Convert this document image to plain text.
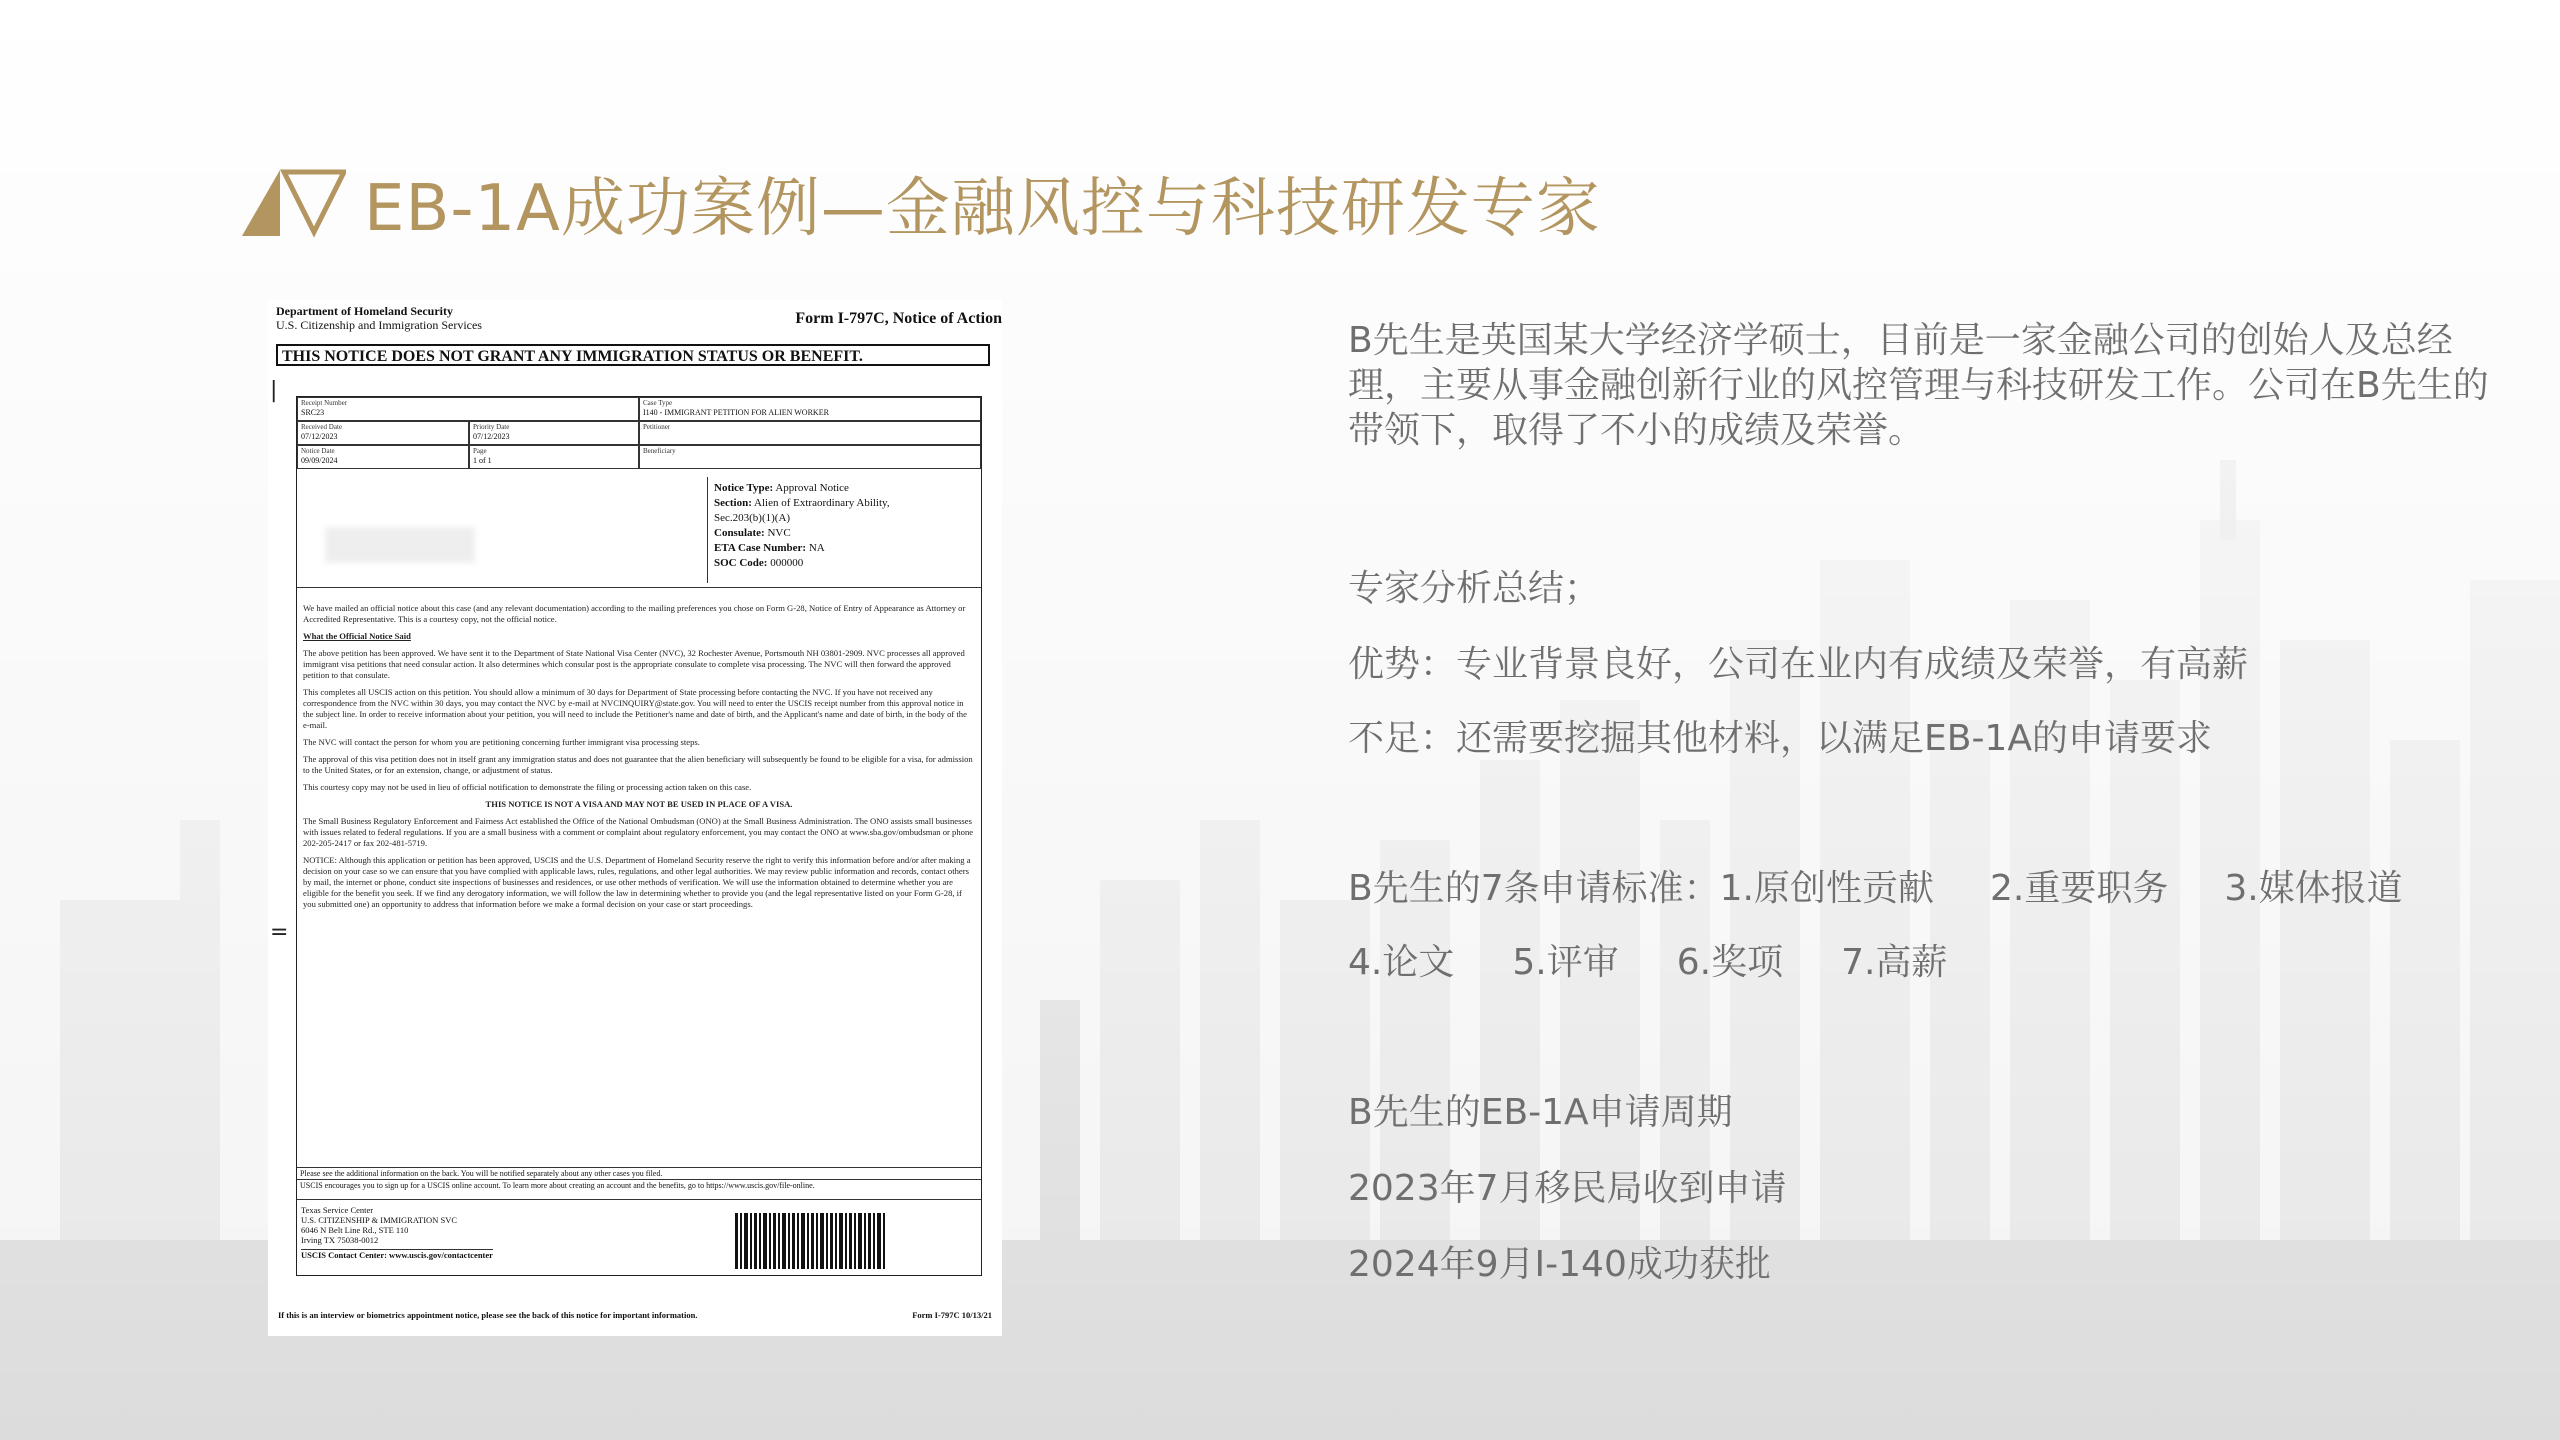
EB-1A成功案例—金融风控与科技研发专家
Department of Homeland Security
U.S. Citizenship and Immigration Services	Form I-797C, Notice of Action
THIS NOTICE DOES NOT GRANT ANY IMMIGRATION STATUS OR BENEFIT.
Receipt Number
SRC23
Case Type
I140 - IMMIGRANT PETITION FOR ALIEN WORKER
Received Date
07/12/2023
Priority Date
07/12/2023
Petitioner
Notice Date
09/09/2024
Page
1 of 1
Beneficiary
Notice Type: Approval Notice
Section: Alien of Extraordinary Ability,
Sec.203(b)(1)(A)
Consulate: NVC
ETA Case Number: NA
SOC Code: 000000

We have mailed an official notice about this case (and any relevant documentation) according to the mailing preferences you chose on Form G-28, Notice of Entry of Appearance as Attorney or Accredited Representative. This is a courtesy copy, not the official notice.

What the Official Notice Said

The above petition has been approved. We have sent it to the Department of State National Visa Center (NVC), 32 Rochester Avenue, Portsmouth NH 03801-2909. NVC processes all approved immigrant visa petitions that need consular action. It also determines which consular post is the appropriate consulate to complete visa processing. The NVC will then forward the approved petition to that consulate.

This completes all USCIS action on this petition. You should allow a minimum of 30 days for Department of State processing before contacting the NVC. If you have not received any correspondence from the NVC within 30 days, you may contact the NVC by e-mail at NVCINQUIRY@state.gov. You will need to enter the USCIS receipt number from this approval notice in the subject line. In order to receive information about your petition, you will need to include the Petitioner's name and date of birth, and the Applicant's name and date of birth, in the body of the e-mail.

The NVC will contact the person for whom you are petitioning concerning further immigrant visa processing steps.

The approval of this visa petition does not in itself grant any immigration status and does not guarantee that the alien beneficiary will subsequently be found to be eligible for a visa, for admission to the United States, or for an extension, change, or adjustment of status.

This courtesy copy may not be used in lieu of official notification to demonstrate the filing or processing action taken on this case.

THIS NOTICE IS NOT A VISA AND MAY NOT BE USED IN PLACE OF A VISA.

The Small Business Regulatory Enforcement and Fairness Act established the Office of the National Ombudsman (ONO) at the Small Business Administration. The ONO assists small businesses with issues related to federal regulations. If you are a small business with a comment or complaint about regulatory enforcement, you may contact the ONO at www.sba.gov/ombudsman or phone 202-205-2417 or fax 202-481-5719.

NOTICE: Although this application or petition has been approved, USCIS and the U.S. Department of Homeland Security reserve the right to verify this information before and/or after making a decision on your case so we can ensure that you have complied with applicable laws, rules, regulations, and other legal authorities. We may review public information and records, contact others by mail, the internet or phone, conduct site inspections of businesses and residences, or use other methods of verification. We will use the information obtained to determine whether you are eligible for the benefit you seek. If we find any derogatory information, we will follow the law in determining whether to provide you (and the legal representative listed on your Form G-28, if you submitted one) an opportunity to address that information before we make a formal decision on your case or start proceedings.

Please see the additional information on the back. You will be notified separately about any other cases you filed.
USCIS encourages you to sign up for a USCIS online account. To learn more about creating an account and the benefits, go to https://www.uscis.gov/file-online.
Texas Service Center
U.S. CITIZENSHIP & IMMIGRATION SVC
6046 N Belt Line Rd., STE 110
Irving TX 75038-0012
USCIS Contact Center: www.uscis.gov/contactcenter
If this is an interview or biometrics appointment notice, please see the back of this notice for important information.	Form I-797C 10/13/21
|
=
B先生是英国某大学经济学硕士，目前是一家金融公司的创始人及总经理，主要从事金融创新行业的风控管理与科技研发工作。公司在B先生的带领下，取得了不小的成绩及荣誉。
专家分析总结；
优势：专业背景良好，公司在业内有成绩及荣誉，有高薪
不足：还需要挖掘其他材料，以满足EB-1A的申请要求
B先生的7条申请标准：1.原创性贡献 2.重要职务 3.媒体报道
4.论文 5.评审 6.奖项 7.高薪
B先生的EB-1A申请周期
2023年7月移民局收到申请
2024年9月I-140成功获批
